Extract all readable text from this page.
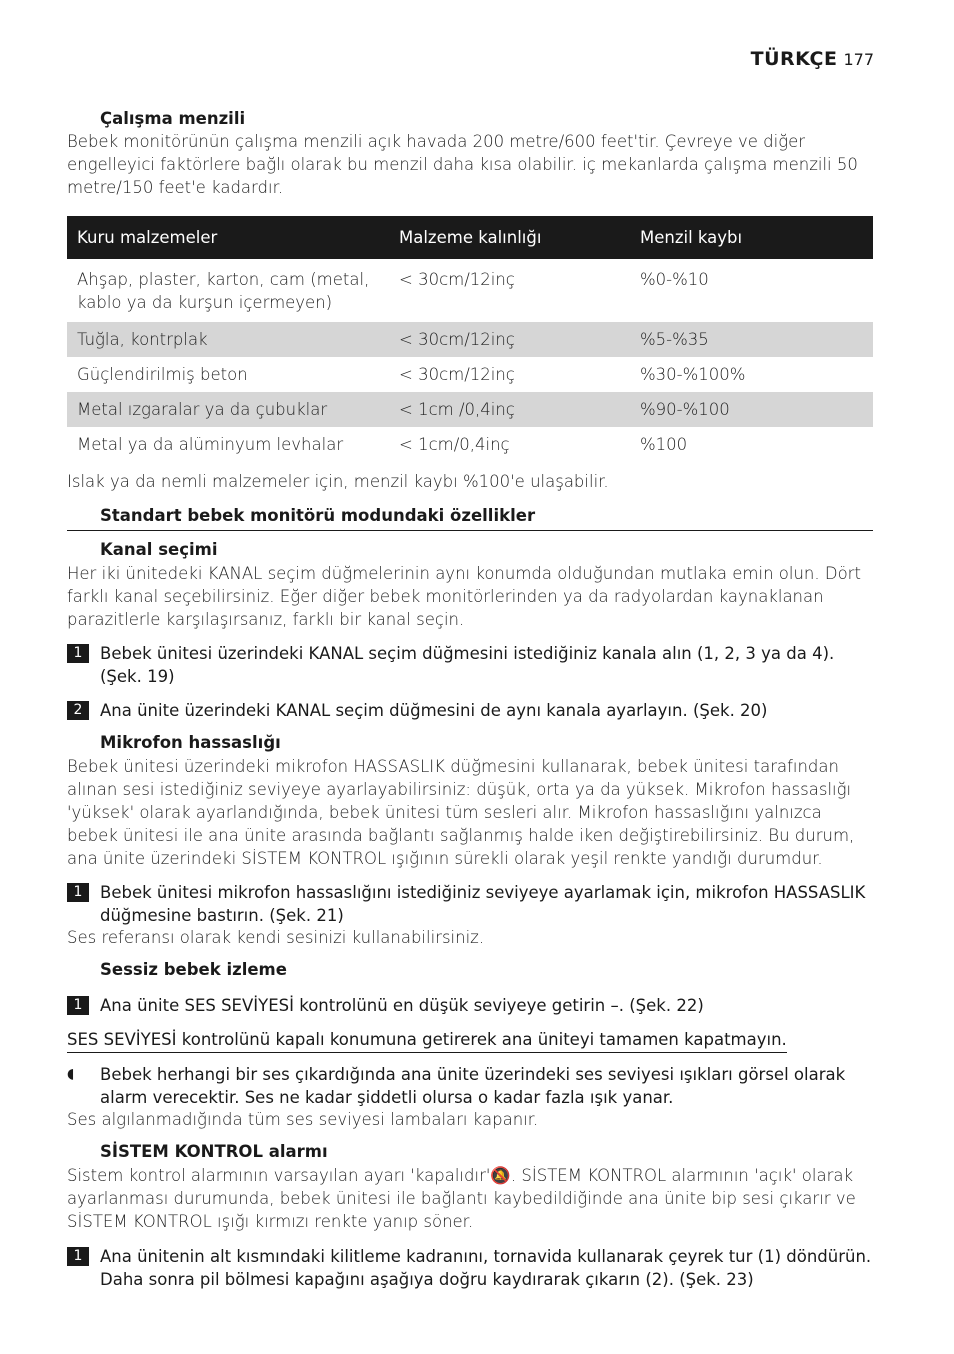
TÜRKÇE 177
Çalışma menzili
Bebek monitörünün çalışma menzili açık havada 200 metre/600 feet'tir. Çevreye ve diğer engelleyici faktörlere bağlı olarak bu menzil daha kısa olabilir. iç mekanlarda çalışma menzili 50 metre/150 feet'e kadardır.
Kuru malzemeler	Malzeme kalınlığı	Menzil kaybı
Ahşap, plaster, karton, cam (metal, kablo ya da kurşun içermeyen)	< 30cm/12inç	%0-%10
Tuğla, kontrplak	< 30cm/12inç	%5-%35
Güçlendirilmiş beton	< 30cm/12inç	%30-%100%
Metal ızgaralar ya da çubuklar	< 1cm /0,4inç	%90-%100
Metal ya da alüminyum levhalar	< 1cm/0,4inç	%100
Islak ya da nemli malzemeler için, menzil kaybı %100'e ulaşabilir.
Standart bebek monitörü modundaki özellikler
Kanal seçimi
Her iki ünitedeki KANAL seçim düğmelerinin aynı konumda olduğundan mutlaka emin olun. Dört farklı kanal seçebilirsiniz. Eğer diğer bebek monitörlerinden ya da radyolardan kaynaklanan parazitlerle karşılaşırsanız, farklı bir kanal seçin.
1	Bebek ünitesi üzerindeki KANAL seçim düğmesini istediğiniz kanala alın (1, 2, 3 ya da 4). (Şek. 19)
2	Ana ünite üzerindeki KANAL seçim düğmesini de aynı kanala ayarlayın. (Şek. 20)
Mikrofon hassaslığı
Bebek ünitesi üzerindeki mikrofon HASSASLIK düğmesini kullanarak, bebek ünitesi tarafından alınan sesi istediğiniz seviyeye ayarlayabilirsiniz: düşük, orta ya da yüksek. Mikrofon hassaslığı 'yüksek' olarak ayarlandığında, bebek ünitesi tüm sesleri alır. Mikrofon hassaslığını yalnızca bebek ünitesi ile ana ünite arasında bağlantı sağlanmış halde iken değiştirebilirsiniz. Bu durum, ana ünite üzerindeki SİSTEM KONTROL ışığının sürekli olarak yeşil renkte yandığı durumdur.
1	Bebek ünitesi mikrofon hassaslığını istediğiniz seviyeye ayarlamak için, mikrofon HASSASLIK düğmesine bastırın. (Şek. 21)
Ses referansı olarak kendi sesinizi kullanabilirsiniz.
Sessiz bebek izleme
1	Ana ünite SES SEVİYESİ kontrolünü en düşük seviyeye getirin –. (Şek. 22)
SES SEVİYESİ kontrolünü kapalı konumuna getirerek ana üniteyi tamamen kapatmayın.
◖ Bebek herhangi bir ses çıkardığında ana ünite üzerindeki ses seviyesi ışıkları görsel olarak alarm verecektir. Ses ne kadar şiddetli olursa o kadar fazla ışık yanar.
Ses algılanmadığında tüm ses seviyesi lambaları kapanır.
SİSTEM KONTROL alarmı
Sistem kontrol alarmının varsayılan ayarı 'kapalıdır'🔕. SİSTEM KONTROL alarmının 'açık' olarak ayarlanması durumunda, bebek ünitesi ile bağlantı kaybedildiğinde ana ünite bip sesi çıkarır ve SİSTEM KONTROL ışığı kırmızı renkte yanıp söner.
1	Ana ünitenin alt kısmındaki kilitleme kadranını, tornavida kullanarak çeyrek tur (1) döndürün. Daha sonra pil bölmesi kapağını aşağıya doğru kaydırarak çıkarın (2). (Şek. 23)
